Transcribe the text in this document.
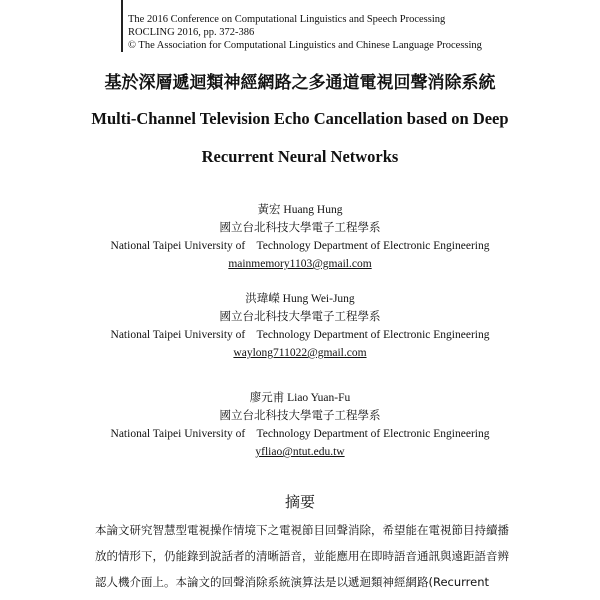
The 2016 Conference on Computational Linguistics and Speech Processing
ROCLING 2016, pp. 372-386
© The Association for Computational Linguistics and Chinese Language Processing
基於深層遞迴類神經網路之多通道電視回聲消除系統
Multi-Channel Television Echo Cancellation based on Deep
Recurrent Neural Networks
黃宏 Huang Hung
國立台北科技大學電子工程學系
National Taipei University of    Technology Department of Electronic Engineering
mainmemory1103@gmail.com
洪瑋嶸 Hung Wei-Jung
國立台北科技大學電子工程學系
National Taipei University of    Technology Department of Electronic Engineering
waylong711022@gmail.com
廖元甫 Liao Yuan-Fu
國立台北科技大學電子工程學系
National Taipei University of    Technology Department of Electronic Engineering
yfliao@ntut.edu.tw
摘要
本論文研究智慧型電視操作情境下之電視節目回聲消除，希望能在電視節目持續播
放的情形下，仍能錄到說話者的清晰語音，並能應用在即時語音通訊與遠距語音辨
認人機介面上。本論文的回聲消除系統演算法是以遞迴類神經網路(Recurrent
